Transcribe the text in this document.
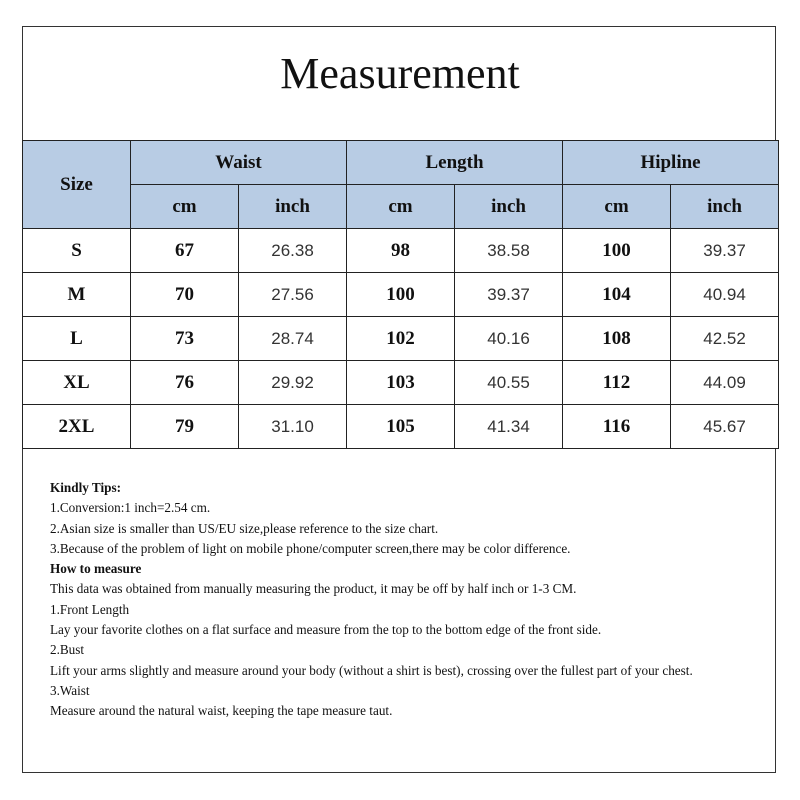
Measurement
Size	Waist		Length		Hipline	
	cm	inch	cm	inch	cm	inch
S	67	26.38	98	38.58	100	39.37
M	70	27.56	100	39.37	104	40.94
L	73	28.74	102	40.16	108	42.52
XL	76	29.92	103	40.55	112	44.09
2XL	79	31.10	105	41.34	116	45.67

Kindly Tips:

1.Conversion:1 inch=2.54 cm.

2.Asian size is smaller than US/EU size,please reference to the size chart.

3.Because of the problem of light on mobile phone/computer screen,there may be color difference.

How to measure

This data was obtained from manually measuring the product, it may be off by half inch or 1-3 CM.

1.Front Length

Lay your favorite clothes on a flat surface and measure from the top to the bottom edge of the front side.

2.Bust

Lift your arms slightly and measure around your body (without a shirt is best), crossing over the fullest part of your chest.

3.Waist

Measure around the natural waist, keeping the tape measure taut.
